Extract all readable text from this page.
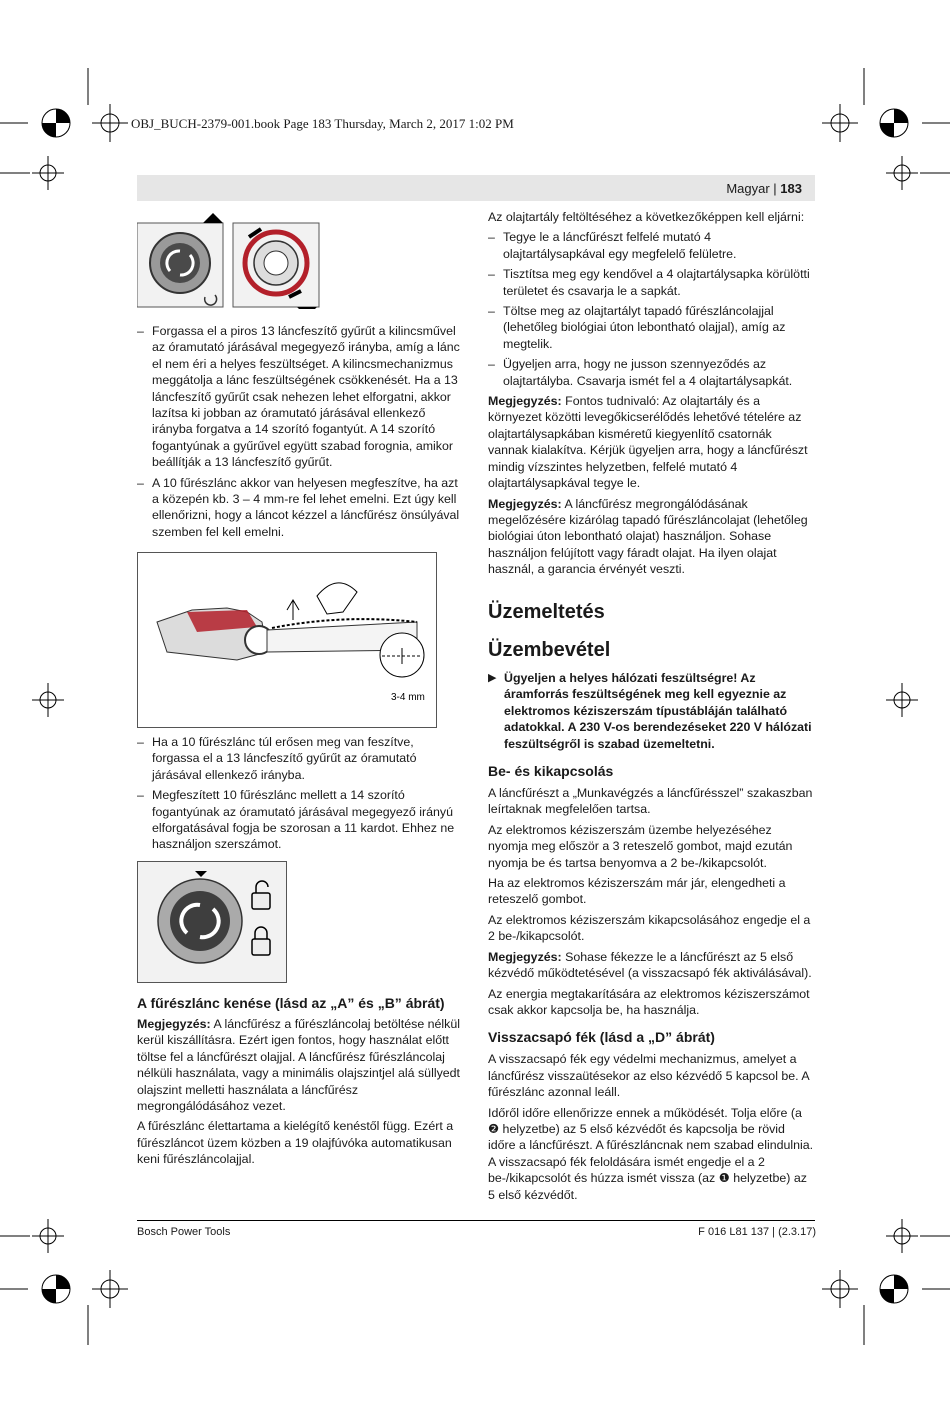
OBJ_BUCH-2379-001.book Page 183 Thursday, March 2, 2017 1:02 PM
Magyar | 183

– Forgassa el a piros 13 láncfeszítő gyűrűt a kilincsművel az óramutató járásával megegyező irányba, amíg a lánc el nem éri a helyes feszültséget. A kilincsmechanizmus meggátolja a lánc feszültségének csökkenését. Ha a 13 láncfeszítő gyűrűt csak nehezen lehet elforgatni, akkor lazítsa ki jobban az óramutató járásával ellenkező irányba forgatva a 14 szorító fogantyút. A 14 szorító fogantyúnak a gyűrűvel együtt szabad forognia, amikor beállítják a 13 láncfeszítő gyűrűt.

– A 10 fűrészlánc akkor van helyesen megfeszítve, ha azt a közepén kb. 3 – 4 mm-re fel lehet emelni. Ezt úgy kell ellenőrizni, hogy a láncot kézzel a láncfűrész önsúlyával szemben fel kell emelni.

3-4 mm

– Ha a 10 fűrészlánc túl erősen meg van feszítve, forgassa el a 13 láncfeszítő gyűrűt az óramutató járásával ellenkező irányba.

– Megfeszített 10 fűrészlánc mellett a 14 szorító fogantyúnak az óramutató járásával megegyező irányú elforgatásával fogja be szorosan a 11 kardot. Ehhez ne használjon szerszámot.

A fűrészlánc kenése (lásd az „A” és „B” ábrát)

Megjegyzés: A láncfűrész a fűrészláncolaj betöltése nélkül kerül kiszállításra. Ezért igen fontos, hogy használat előtt töltse fel a láncfűrészt olajjal. A láncfűrész fűrészláncolaj nélküli használata, vagy a minimális olajszintjel alá süllyedt olajszint melletti használata a láncfűrész megrongálódásához vezet.

A fűrészlánc élettartama a kielégítő kenéstől függ. Ezért a fűrészláncot üzem közben a 19 olajfúvóka automatikusan keni fűrészláncolajjal.

Az olajtartály feltöltéséhez a következőképpen kell eljárni:

– Tegye le a láncfűrészt felfelé mutató 4 olajtartálysapkával egy megfelelő felületre.

– Tisztítsa meg egy kendővel a 4 olajtartálysapka körülötti területet és csavarja le a sapkát.

– Töltse meg az olajtartályt tapadó fűrészláncolajjal (lehetőleg biológiai úton lebontható olajjal), amíg az megtelik.

– Ügyeljen arra, hogy ne jusson szennyeződés az olajtartályba. Csavarja ismét fel a 4 olajtartálysapkát.

Megjegyzés: Fontos tudnivaló: Az olajtartály és a környezet közötti levegőkicserélődés lehetővé tételére az olajtartálysapkában kisméretű kiegyenlítő csatornák vannak kialakítva. Kérjük ügyeljen arra, hogy a láncfűrészt mindig vízszintes helyzetben, felfelé mutató 4 olajtartálysapkával tegye le.

Megjegyzés: A láncfűrész megrongálódásának megelőzésére kizárólag tapadó fűrészláncolajat (lehetőleg biológiai úton lebontható olajat) használjon. Sohase használjon felújított vagy fáradt olajat. Ha ilyen olajat használ, a garancia érvényét veszti.

Üzemeltetés
Üzembevétel

▶ Ügyeljen a helyes hálózati feszültségre! Az áramforrás feszültségének meg kell egyeznie az elektromos kéziszerszám típustábláján található adatokkal. A 230 V-os berendezéseket 220 V hálózati feszültségről is szabad üzemeltetni.

Be- és kikapcsolás

A láncfűrészt a „Munkavégzés a láncfűrésszel” szakaszban leírtaknak megfelelően tartsa.

Az elektromos kéziszerszám üzembe helyezéséhez nyomja meg először a 3 reteszelő gombot, majd ezután nyomja be és tartsa benyomva a 2 be-/kikapcsolót.

Ha az elektromos kéziszerszám már jár, elengedheti a reteszelő gombot.

Az elektromos kéziszerszám kikapcsolásához engedje el a 2 be-/kikapcsolót.

Megjegyzés: Sohase fékezze le a láncfűrészt az 5 első kézvédő működtetésével (a visszacsapó fék aktiválásával).

Az energia megtakarítására az elektromos kéziszerszámot csak akkor kapcsolja be, ha használja.

Visszacsapó fék (lásd a „D” ábrát)

A visszacsapó fék egy védelmi mechanizmus, amelyet a láncfűrész visszaütésekor az elso kézvédő 5 kapcsol be. A fűrészlánc azonnal leáll.

Időről időre ellenőrizze ennek a működését. Tolja előre (a ❷ helyzetbe) az 5 első kézvédőt és kapcsolja be rövid időre a láncfűrészt. A fűrészláncnak nem szabad elindulnia. A visszacsapó fék feloldására ismét engedje el a 2 be-/kikapcsolót és húzza ismét vissza (az ❶ helyzetbe) az 5 első kézvédőt.

Bosch Power Tools	F 016 L81 137 | (2.3.17)
